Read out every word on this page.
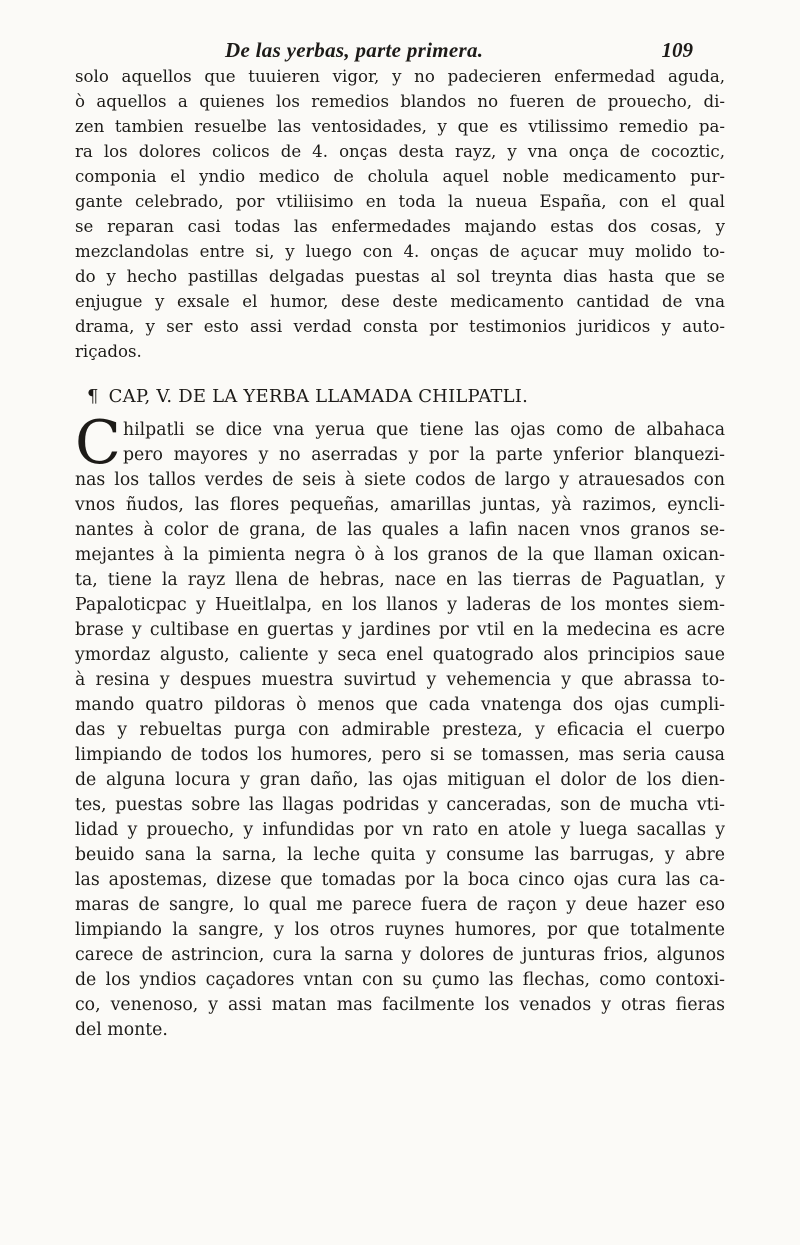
De las yerbas, parte primera.	109

solo aquellos que tuuieren vigor, y no padecieren enfermedad aguda,
ò aquellos a quienes los remedios blandos no fueren de prouecho, di-
zen tambien resuelbe las ventosidades, y que es vtilissimo remedio pa-
ra los dolores colicos de 4. onças desta rayz, y vna onça de cocoztic,
componia el yndio medico de cholula aquel noble medicamento pur-
gante celebrado, por vtiliisimo en toda la nueua España, con el qual
se reparan casi todas las enfermedades majando estas dos cosas, y
mezclandolas entre si, y luego con 4. onças de açucar muy molido to-
do y hecho pastillas delgadas puestas al sol treynta dias hasta que se
enjugue y exsale el humor, dese deste medicamento cantidad de vna
drama, y ser esto assi verdad consta por testimonios juridicos y auto-
riçados.

¶ CAP, V. DE LA YERBA LLAMADA CHILPATLI.

C hilpatli se dice vna yerua que tiene las ojas como de albahaca
pero mayores y no aserradas y por la parte ynferior blanquezi-
nas los tallos verdes de seis à siete codos de largo y atrauesados con
vnos ñudos, las flores pequeñas, amarillas juntas, yà razimos, eyncli-
nantes à color de grana, de las quales a lafin nacen vnos granos se-
mejantes à la pimienta negra ò à los granos de la que llaman oxican-
ta, tiene la rayz llena de hebras, nace en las tierras de Paguatlan, y
Papaloticpac y Hueitlalpa, en los llanos y laderas de los montes siem-
brase y cultibase en guertas y jardines por vtil en la medecina es acre
ymordaz algusto, caliente y seca enel quatogrado alos principios saue
à resina y despues muestra suvirtud y vehemencia y que abrassa to-
mando quatro pildoras ò menos que cada vnatenga dos ojas cumpli-
das y rebueltas purga con admirable presteza, y eficacia el cuerpo
limpiando de todos los humores, pero si se tomassen, mas seria causa
de alguna locura y gran daño, las ojas mitiguan el dolor de los dien-
tes, puestas sobre las llagas podridas y canceradas, son de mucha vti-
lidad y prouecho, y infundidas por vn rato en atole y luega sacallas y
beuido sana la sarna, la leche quita y consume las barrugas, y abre
las apostemas, dizese que tomadas por la boca cinco ojas cura las ca-
maras de sangre, lo qual me parece fuera de raçon y deue hazer eso
limpiando la sangre, y los otros ruynes humores, por que totalmente
carece de astrincion, cura la sarna y dolores de junturas frios, algunos
de los yndios caçadores vntan con su çumo las flechas, como contoxi-
co, venenoso, y assi matan mas facilmente los venados y otras fieras
del monte.
